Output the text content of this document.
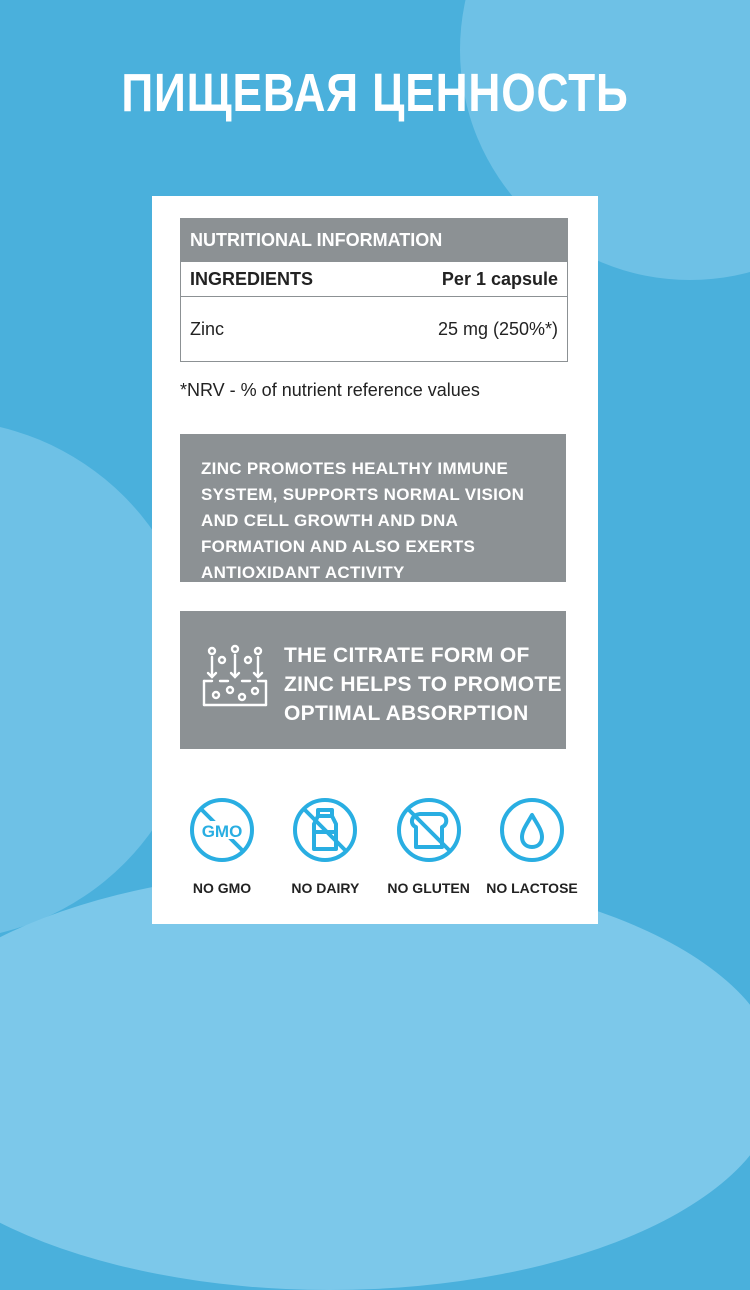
ПИЩЕВАЯ ЦЕННОСТЬ
NUTRITIONAL INFORMATION
INGREDIENTS	Per 1 capsule
Zinc	25 mg (250%*)
*NRV - % of nutrient reference values
ZINC PROMOTES HEALTHY IMMUNE SYSTEM, SUPPORTS NORMAL VISION AND CELL GROWTH AND DNA FORMATION AND ALSO EXERTS ANTIOXIDANT ACTIVITY
THE CITRATE FORM OF ZINC HELPS TO PROMOTE OPTIMAL ABSORPTION
GMO
NO GMO	NO DAIRY NO GLUTEN NO LACTOSE
